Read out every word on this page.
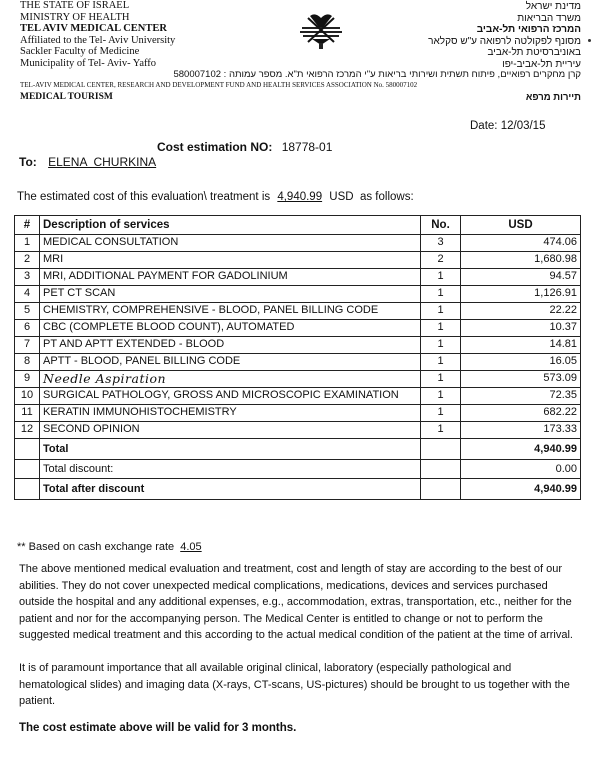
THE STATE OF ISRAEL
MINISTRY OF HEALTH
TEL AVIV MEDICAL CENTER
Affiliated to the Tel- Aviv University
Sackler Faculty of Medicine
Municipality of Tel- Aviv- Yaffo
מדינת ישראל
משרד הבריאות
המרכז הרפואי תל-אביב
מסונף לפקולטה לרפואה ע"ש סקלאר
באוניברסיטת תל-אביב
עיריית תל-אביב-יפו
קרן מחקרים רפואיים, פיתוח תשתית ושירותי בריאות ע"י המרכז הרפואי ת"א. מספר עמותה : 580007102
TEL-AVIV MEDICAL CENTER, RESEARCH AND DEVELOPMENT FUND AND HEALTH SERVICES ASSOCIATION No. 580007102
MEDICAL TOURISM	תיירות מרפא
Date: 12/03/15
Cost estimation NO: 18778-01
To: ELENA  CHURKINA
The estimated cost of this evaluation\ treatment is 4,940.99 USD  as follows:
#	Description of services	No.	USD
1	MEDICAL CONSULTATION	3	474.06
2	MRI	2	1,680.98
3	MRI, ADDITIONAL PAYMENT FOR GADOLINIUM	1	94.57
4	PET CT SCAN	1	1,126.91
5	CHEMISTRY, COMPREHENSIVE - BLOOD, PANEL BILLING CODE	1	22.22
6	CBC (COMPLETE BLOOD COUNT), AUTOMATED	1	10.37
7	PT AND APTT EXTENDED - BLOOD	1	14.81
8	APTT - BLOOD, PANEL BILLING CODE	1	16.05
9	Needle Aspiration	1	573.09
10	SURGICAL PATHOLOGY, GROSS AND MICROSCOPIC EXAMINATION	1	72.35
11	KERATIN IMMUNOHISTOCHEMISTRY	1	682.22
12	SECOND OPINION	1	173.33
	Total		4,940.99
	Total discount:		0.00
	Total after discount		4,940.99
** Based on cash exchange rate 4.05
The above mentioned medical evaluation and treatment, cost and length of stay are according to the best of our abilities. They do not cover unexpected medical complications, medications, devices and services purchased outside the hospital and any additional expenses, e.g., accommodation, extras, transportation, etc., neither for the patient and nor for the accompanying person. The Medical Center is entitled to change or not to perform the suggested medical treatment and this according to the actual medical condition of the patient at the time of arrival.
It is of paramount importance that all available original clinical, laboratory (especially pathological and hematological slides) and imaging data (X-rays, CT-scans, US-pictures) should be brought to us together with the patient.
The cost estimate above will be valid for 3 months.
